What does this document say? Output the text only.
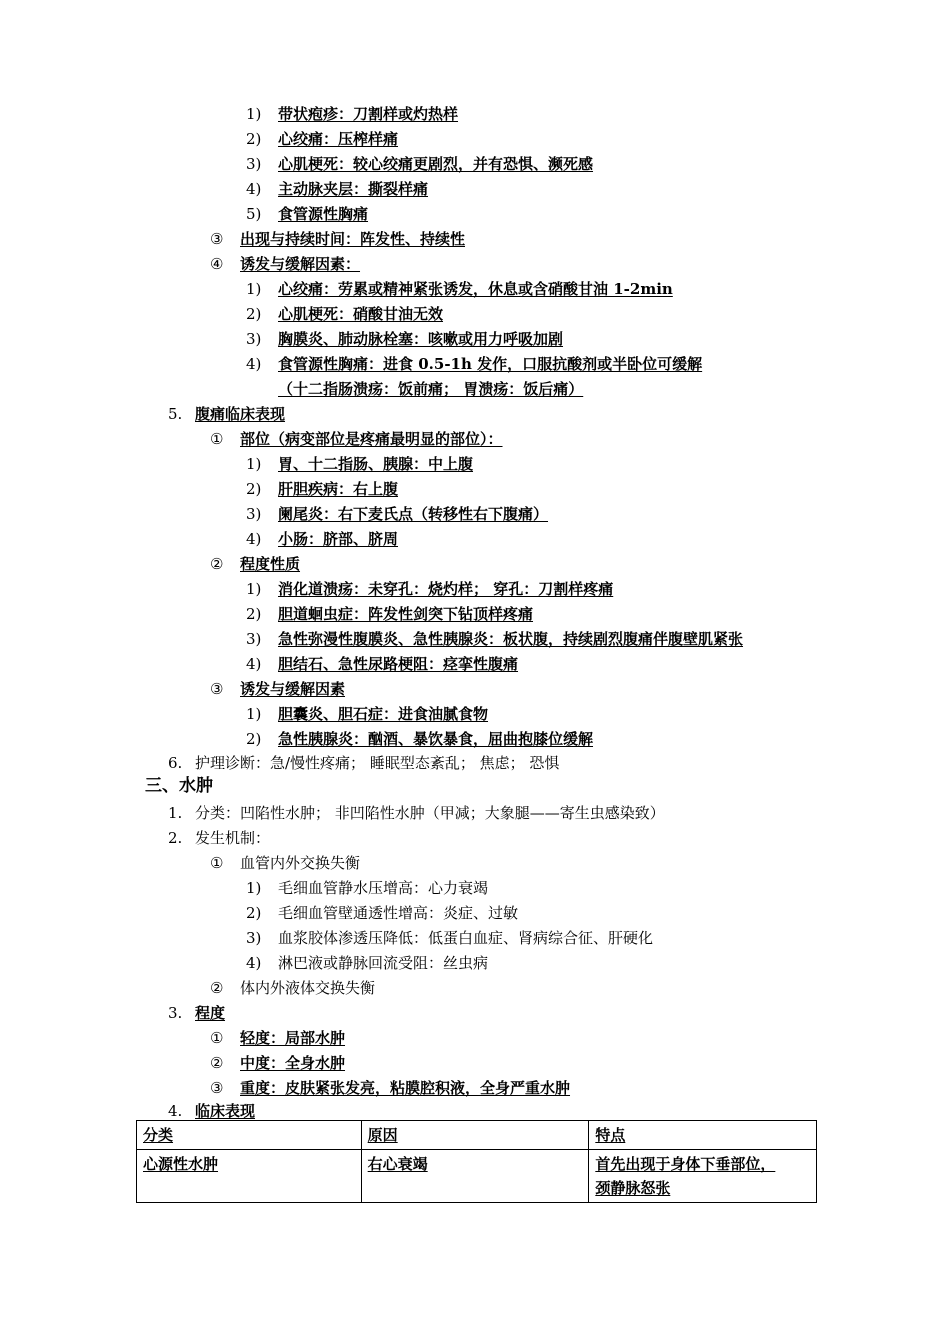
1) 带状疱疹：刀割样或灼热样
2) 心绞痛：压榨样痛
3) 心肌梗死：较心绞痛更剧烈，并有恐惧、濒死感
4) 主动脉夹层：撕裂样痛
5) 食管源性胸痛
③ 出现与持续时间：阵发性、持续性
④ 诱发与缓解因素：
1) 心绞痛：劳累或精神紧张诱发，休息或含硝酸甘油 1-2min
2) 心肌梗死：硝酸甘油无效
3) 胸膜炎、肺动脉栓塞：咳嗽或用力呼吸加剧
4) 食管源性胸痛：进食 0.5-1h 发作，口服抗酸剂或半卧位可缓解
（十二指肠溃疡：饭前痛； 胃溃疡：饭后痛）
5. 腹痛临床表现
① 部位（病变部位是疼痛最明显的部位）：
1) 胃、十二指肠、胰腺：中上腹
2) 肝胆疾病：右上腹
3) 阑尾炎：右下麦氏点（转移性右下腹痛）
4) 小肠：脐部、脐周
② 程度性质
1) 消化道溃疡：未穿孔：烧灼样； 穿孔：刀割样疼痛
2) 胆道蛔虫症：阵发性剑突下钻顶样疼痛
3) 急性弥漫性腹膜炎、急性胰腺炎：板状腹，持续剧烈腹痛伴腹壁肌紧张
4) 胆结石、急性尿路梗阻：痉挛性腹痛
③ 诱发与缓解因素
1) 胆囊炎、胆石症：进食油腻食物
2) 急性胰腺炎：酗酒、暴饮暴食，屈曲抱膝位缓解
6. 护理诊断：急/慢性疼痛； 睡眠型态紊乱； 焦虑； 恐惧
三、水肿
1. 分类：凹陷性水肿； 非凹陷性水肿（甲减；大象腿——寄生虫感染致）
2. 发生机制：
① 血管内外交换失衡
1) 毛细血管静水压增高：心力衰竭
2) 毛细血管壁通透性增高：炎症、过敏
3) 血浆胶体渗透压降低：低蛋白血症、肾病综合征、肝硬化
4) 淋巴液或静脉回流受阻：丝虫病
② 体内外液体交换失衡
3. 程度
① 轻度：局部水肿
② 中度：全身水肿
③ 重度：皮肤紧张发亮，粘膜腔积液，全身严重水肿
4. 临床表现
分类	原因	特点
心源性水肿	右心衰竭	首先出现于身体下垂部位，
颈静脉怒张
